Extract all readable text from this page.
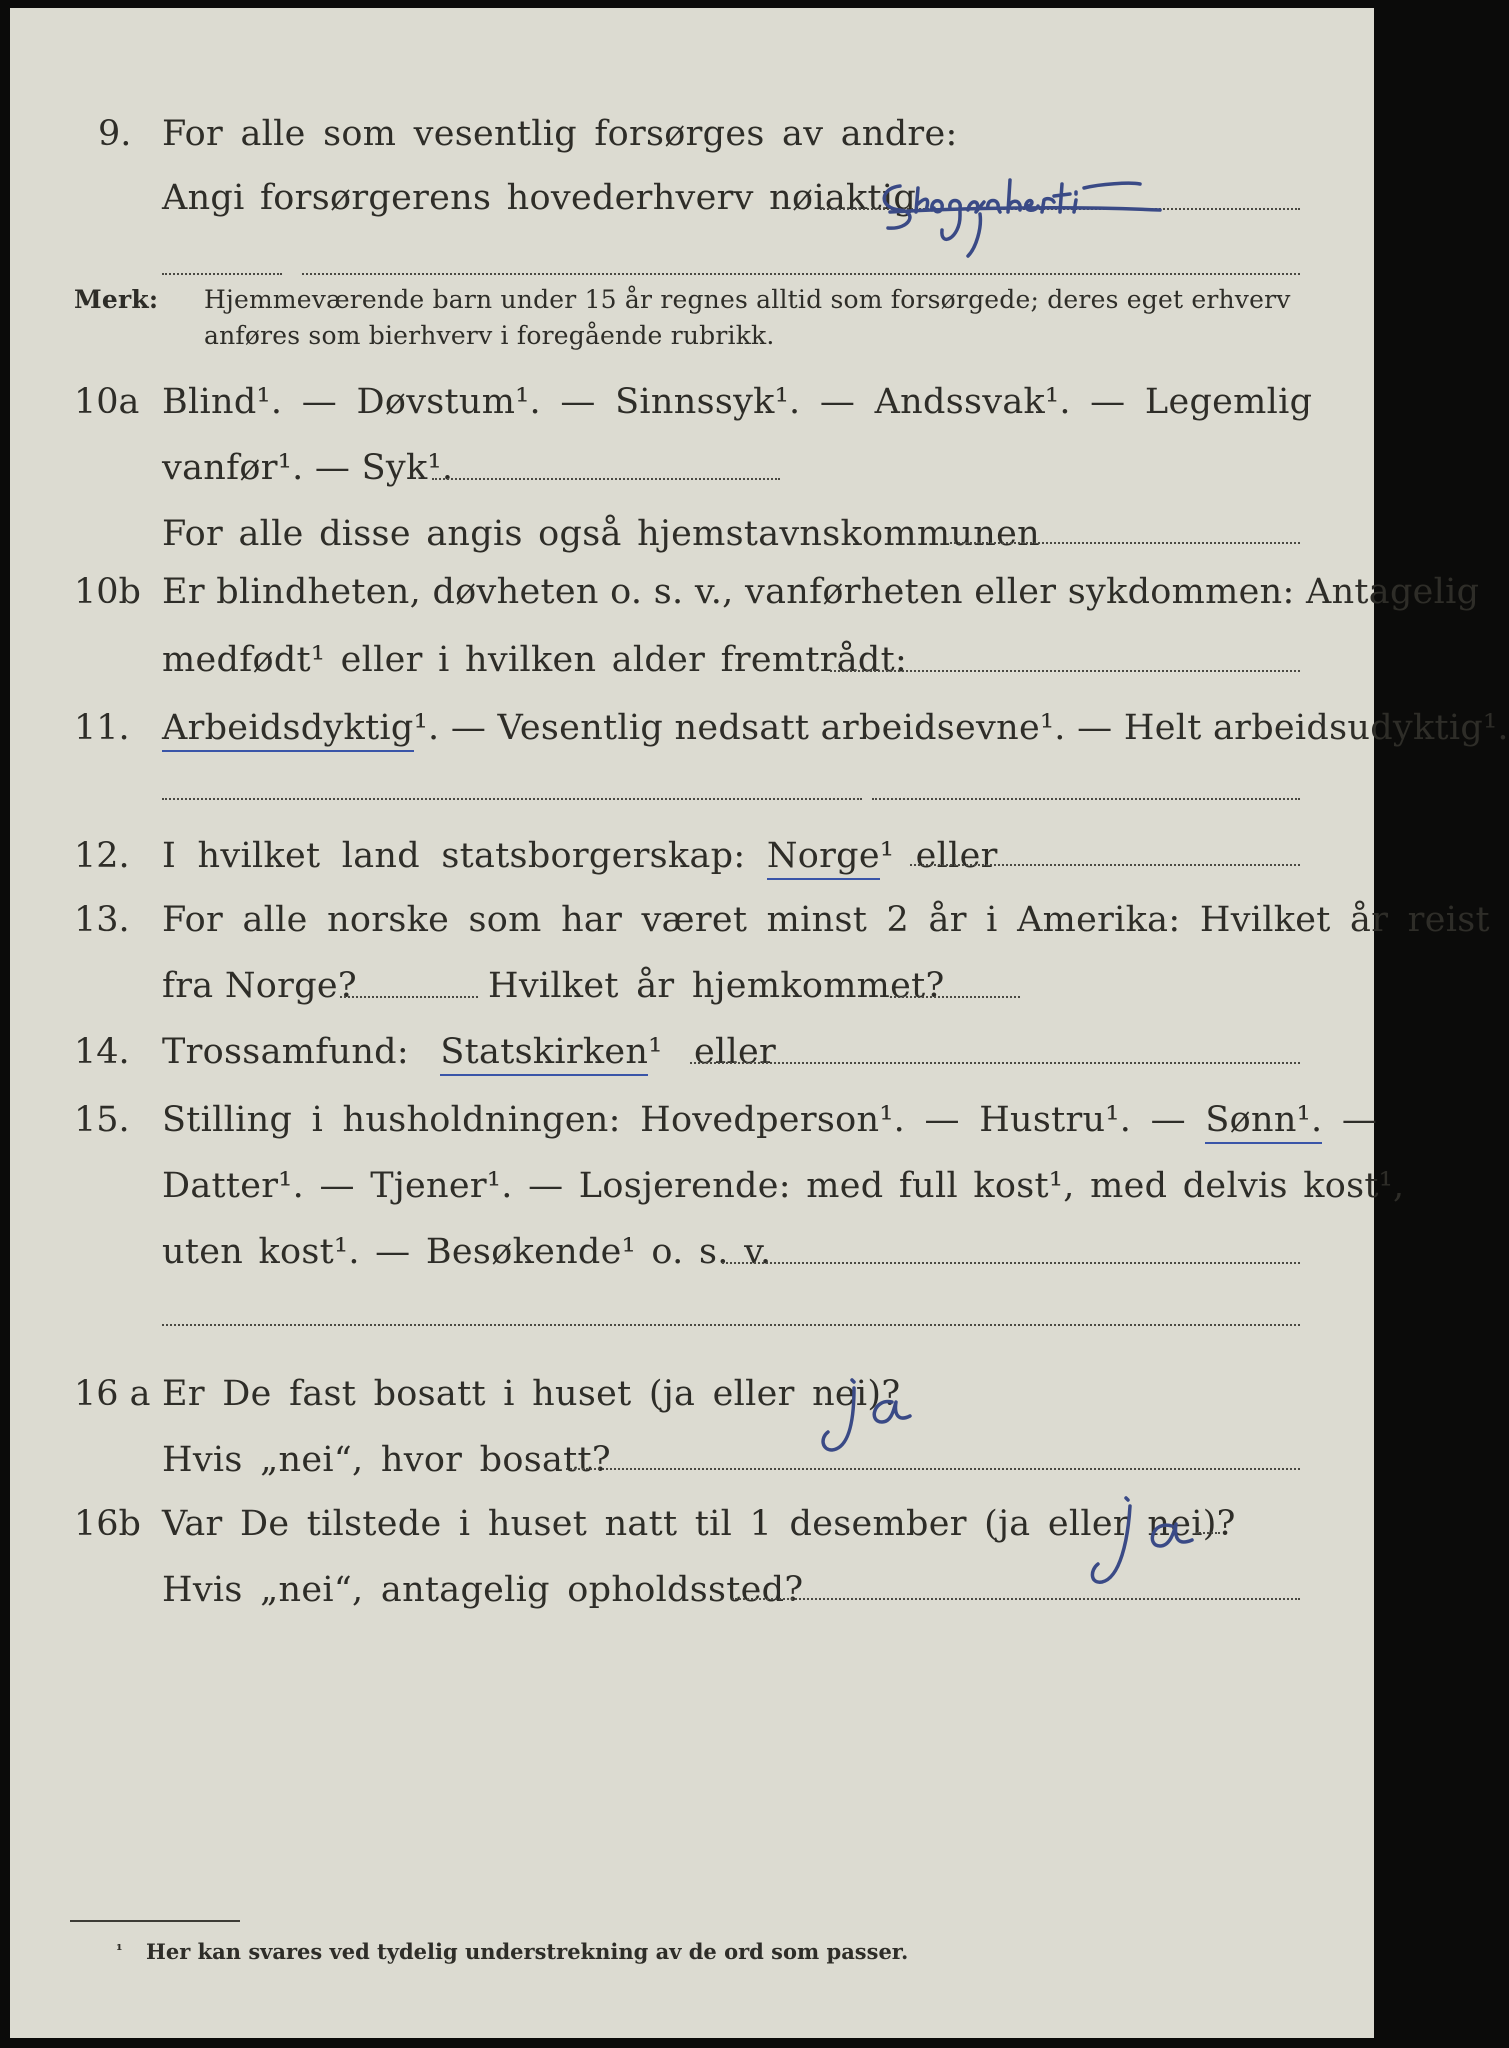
9. For alle som vesentlig forsørges av andre:
Angi forsørgerens hovederhverv nøiaktig
Merk: Hjemmeværende barn under 15 år regnes alltid som forsørgede; deres eget erhverv
anføres som bierhverv i foregående rubrikk.
10a Blind¹. — Døvstum¹. — Sinnssyk¹. — Andssvak¹. — Legemlig
vanfør¹. — Syk¹.
For alle disse angis også hjemstavnskommunen
10b Er blindheten, døvheten o. s. v., vanførheten eller sykdommen: Antagelig
medfødt¹ eller i hvilken alder fremtrådt:
11. Arbeidsdyktig¹. — Vesentlig nedsatt arbeidsevne¹. — Helt arbeidsudyktig¹.
12. I hvilket land statsborgerskap: Norge¹ eller
13. For alle norske som har været minst 2 år i Amerika: Hvilket år reist
fra Norge?	Hvilket år hjemkommet?
14. Trossamfund: Statskirken¹ eller
15. Stilling i husholdningen: Hovedperson¹. — Hustru¹. — Sønn¹. —
Datter¹. — Tjener¹. — Losjerende: med full kost¹, med delvis kost¹,
uten kost¹. — Besøkende¹ o. s. v.
16 a Er De fast bosatt i huset (ja eller nei)?
Hvis „nei“, hvor bosatt?
16b Var De tilstede i huset natt til 1 desember (ja eller nei)?
Hvis „nei“, antagelig opholdssted?
¹ Her kan svares ved tydelig understrekning av de ord som passer.
